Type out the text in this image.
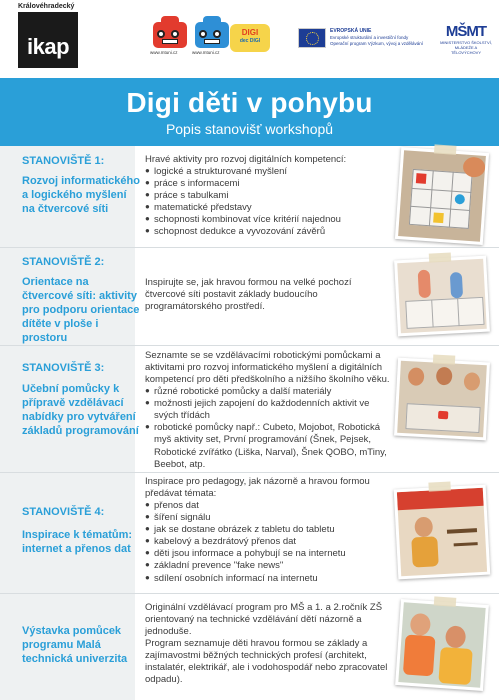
Královéhradecký
ikap	www.mtuni.cz	www.mtuni.cz
DIGI
dec DIGI
EVROPSKÁ UNIE
Evropské strukturální a investiční fondy
Operační program Výzkum, vývoj a vzdělávání
MŠMT
MINISTERSTVO ŠKOLSTVÍ, MLÁDEŽE A TĚLOVÝCHOVY
Digi děti v pohybu
Popis stanovišť workshopů
STANOVIŠTĚ 1:
Rozvoj informatického a logického myšlení na čtvercové síti
Hravé aktivity pro rozvoj digitálních kompetencí:
● logické a strukturované myšlení
● práce s informacemi
● práce s tabulkami
● matematické představy
● schopnosti kombinovat více kritérií najednou
● schopnost dedukce a vyvozování závěrů
STANOVIŠTĚ 2:
Orientace na čtvercové síti: aktivity pro podporu orientace dítěte v ploše i prostoru
Inspirujte se, jak hravou formou na velké pochozí čtvercové síti postavit základy budoucího programátorského prostředí.
STANOVIŠTĚ 3:
Učební pomůcky k přípravě vzdělávací nabídky pro vytváření základů programování
Seznamte se se vzdělávacími robotickými pomůckami a aktivitami pro rozvoj informatického myšlení a digitálních kompetencí pro děti předškolního a nižšího školního věku.
● různé robotické pomůcky a další materiály
● možnosti jejich zapojení do každodenních aktivit ve svých třídách
● robotické pomůcky např.: Cubeto, Mojobot, Robotická myš aktivity set, První programování (Šnek, Pejsek, Robotické zvířátko (Liška, Narval), Šnek QOBO, mTiny, Beebot, atp.
STANOVIŠTĚ 4:
Inspirace k tématům: internet a přenos dat
Inspirace pro pedagogy, jak názorně a hravou formou předávat témata:
● přenos dat
● šíření signálu
● jak se dostane obrázek z tabletu do tabletu
● kabelový a bezdrátový přenos dat
● děti jsou informace a pohybují se na internetu
● základní prevence "fake news"
● sdílení osobních informací na internetu
Výstavka pomůcek programu Malá technická univerzita
Originální vzdělávací program pro MŠ a 1. a 2.ročník ZŠ orientovaný na technické vzdělávání dětí názorně a jednoduše.
Program seznamuje děti hravou formou se základy a zajímavostmi běžných technických profesí (architekt, instalatér, elektrikář, ale i vodohospodář nebo zpracovatel odpadu).
